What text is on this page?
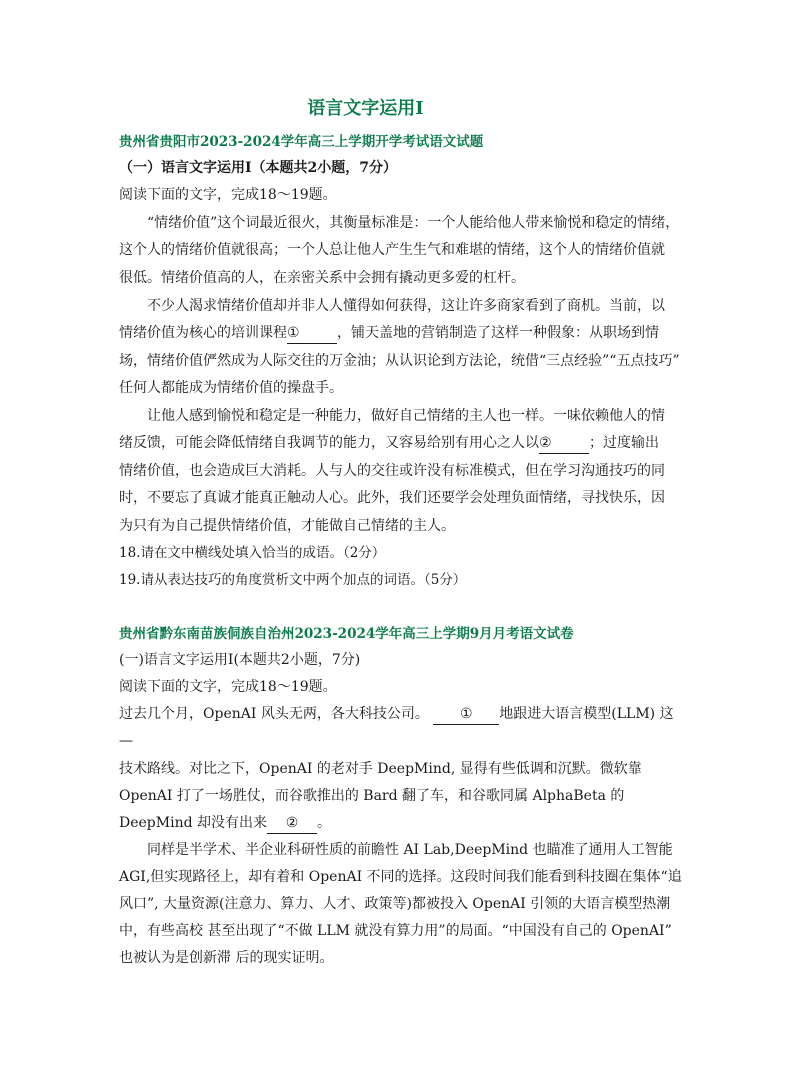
语言文字运用Ⅰ
贵州省贵阳市2023-2024学年高三上学期开学考试语文试题
（一）语言文字运用Ⅰ（本题共2小题，7分）
阅读下面的文字，完成18～19题。
“情绪价值”这个词最近很火，其衡量标准是：一个人能给他人带来愉悦和稳定的情绪，
这个人的情绪价值就很高；一个人总让他人产生生气和难堪的情绪，这个人的情绪价值就
很低。情绪价值高的人，在亲密关系中会拥有撬动更多爱的杠杆。
不少人渴求情绪价值却并非人人懂得如何获得，这让许多商家看到了商机。当前，以
情绪价值为核心的培训课程①	，铺天盖地的营销制造了这样一种假象：从职场到情
场，情绪价值俨然成为人际交往的万金油；从认识论到方法论，统借“三点经验”“五点技巧”
任何人都能成为情绪价值的操盘手。
让他人感到愉悦和稳定是一种能力，做好自己情绪的主人也一样。一味依赖他人的情
绪反馈，可能会降低情绪自我调节的能力，又容易给别有用心之人以②	；过度输出
情绪价值，也会造成巨大消耗。人与人的交往或许没有标准模式，但在学习沟通技巧的同
时，不要忘了真诚才能真正触动人心。此外，我们还要学会处理负面情绪，寻找快乐，因
为只有为自己提供情绪价值，才能做自己情绪的主人。
18.请在文中横线处填入恰当的成语。（2分）
19.请从表达技巧的角度赏析文中两个加点的词语。（5分）
贵州省黔东南苗族侗族自治州2023-2024学年高三上学期9月月考语文试卷
(一)语言文字运用Ⅰ(本题共2小题，7分)
阅读下面的文字，完成18～19题。
过去几个月，OpenAI 风头无两，各大科技公司。 ① 地跟进大语言模型(LLM) 这
—
技术路线。对比之下，OpenAI 的老对手 DeepMind, 显得有些低调和沉默。微软靠
OpenAI 打了一场胜仗，而谷歌推出的 Bard 翻了车，和谷歌同属 AlphaBeta 的
DeepMind 却没有出来 ② 。
同样是半学术、半企业科研性质的前瞻性 AI Lab,DeepMind 也瞄准了通用人工智能
AGI,但实现路径上，却有着和 OpenAI 不同的选择。这段时间我们能看到科技圈在集体“追
风口”, 大量资源(注意力、算力、人才、政策等)都被投入 OpenAI 引领的大语言模型热潮
中，有些高校 甚至出现了“不做 LLM 就没有算力用”的局面。“中国没有自己的 OpenAI”
也被认为是创新滞 后的现实证明。
